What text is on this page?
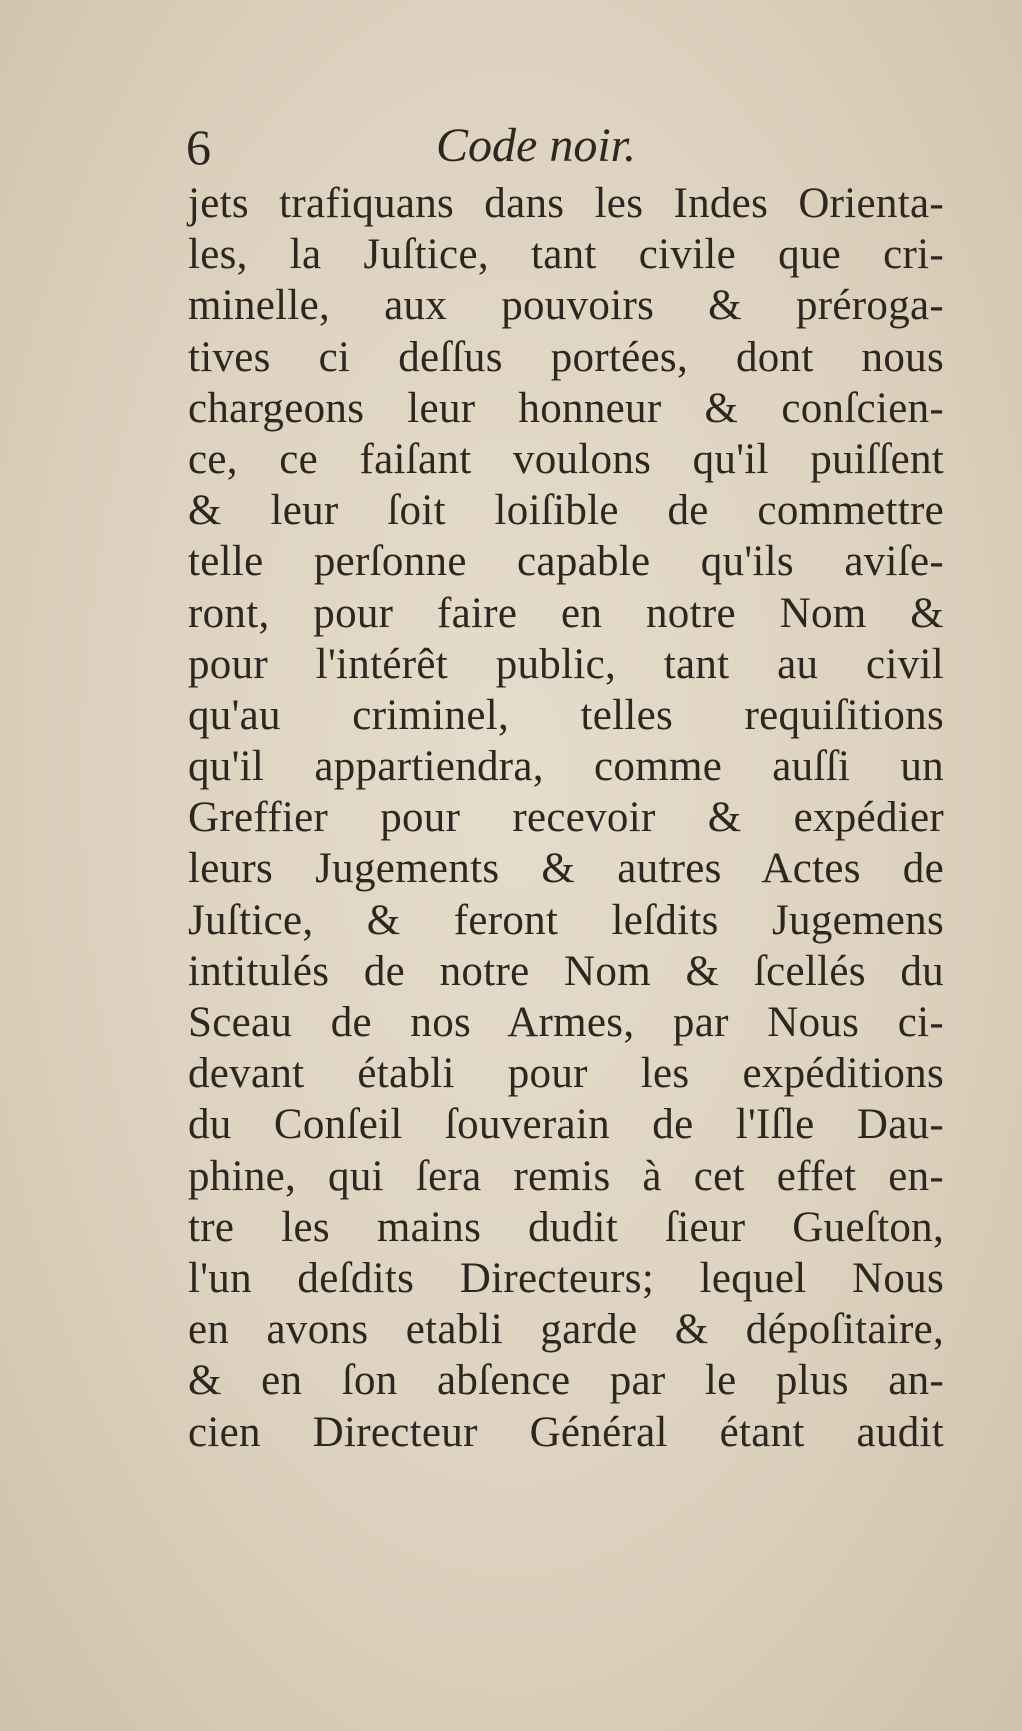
6	Code noir.
jets trafiquans dans les Indes Orienta-
les, la Juſtice, tant civile que cri-
minelle, aux pouvoirs & préroga-
tives ci deſſus portées, dont nous
chargeons leur honneur & conſcien-
ce, ce faiſant voulons qu'il puiſſent
& leur ſoit loiſible de commettre
telle perſonne capable qu'ils aviſe-
ront, pour faire en notre Nom &
pour l'intérêt public, tant au civil
qu'au criminel, telles requiſitions
qu'il appartiendra, comme auſſi un
Greffier pour recevoir & expédier
leurs Jugements & autres Actes de
Juſtice, & feront leſdits Jugemens
intitulés de notre Nom & ſcellés du
Sceau de nos Armes, par Nous ci-
devant établi pour les expéditions
du Conſeil ſouverain de l'Iſle Dau-
phine, qui ſera remis à cet effet en-
tre les mains dudit ſieur Gueſton,
l'un deſdits Directeurs; lequel Nous
en avons etabli garde & dépoſitaire,
& en ſon abſence par le plus an-
cien Directeur Général étant audit
